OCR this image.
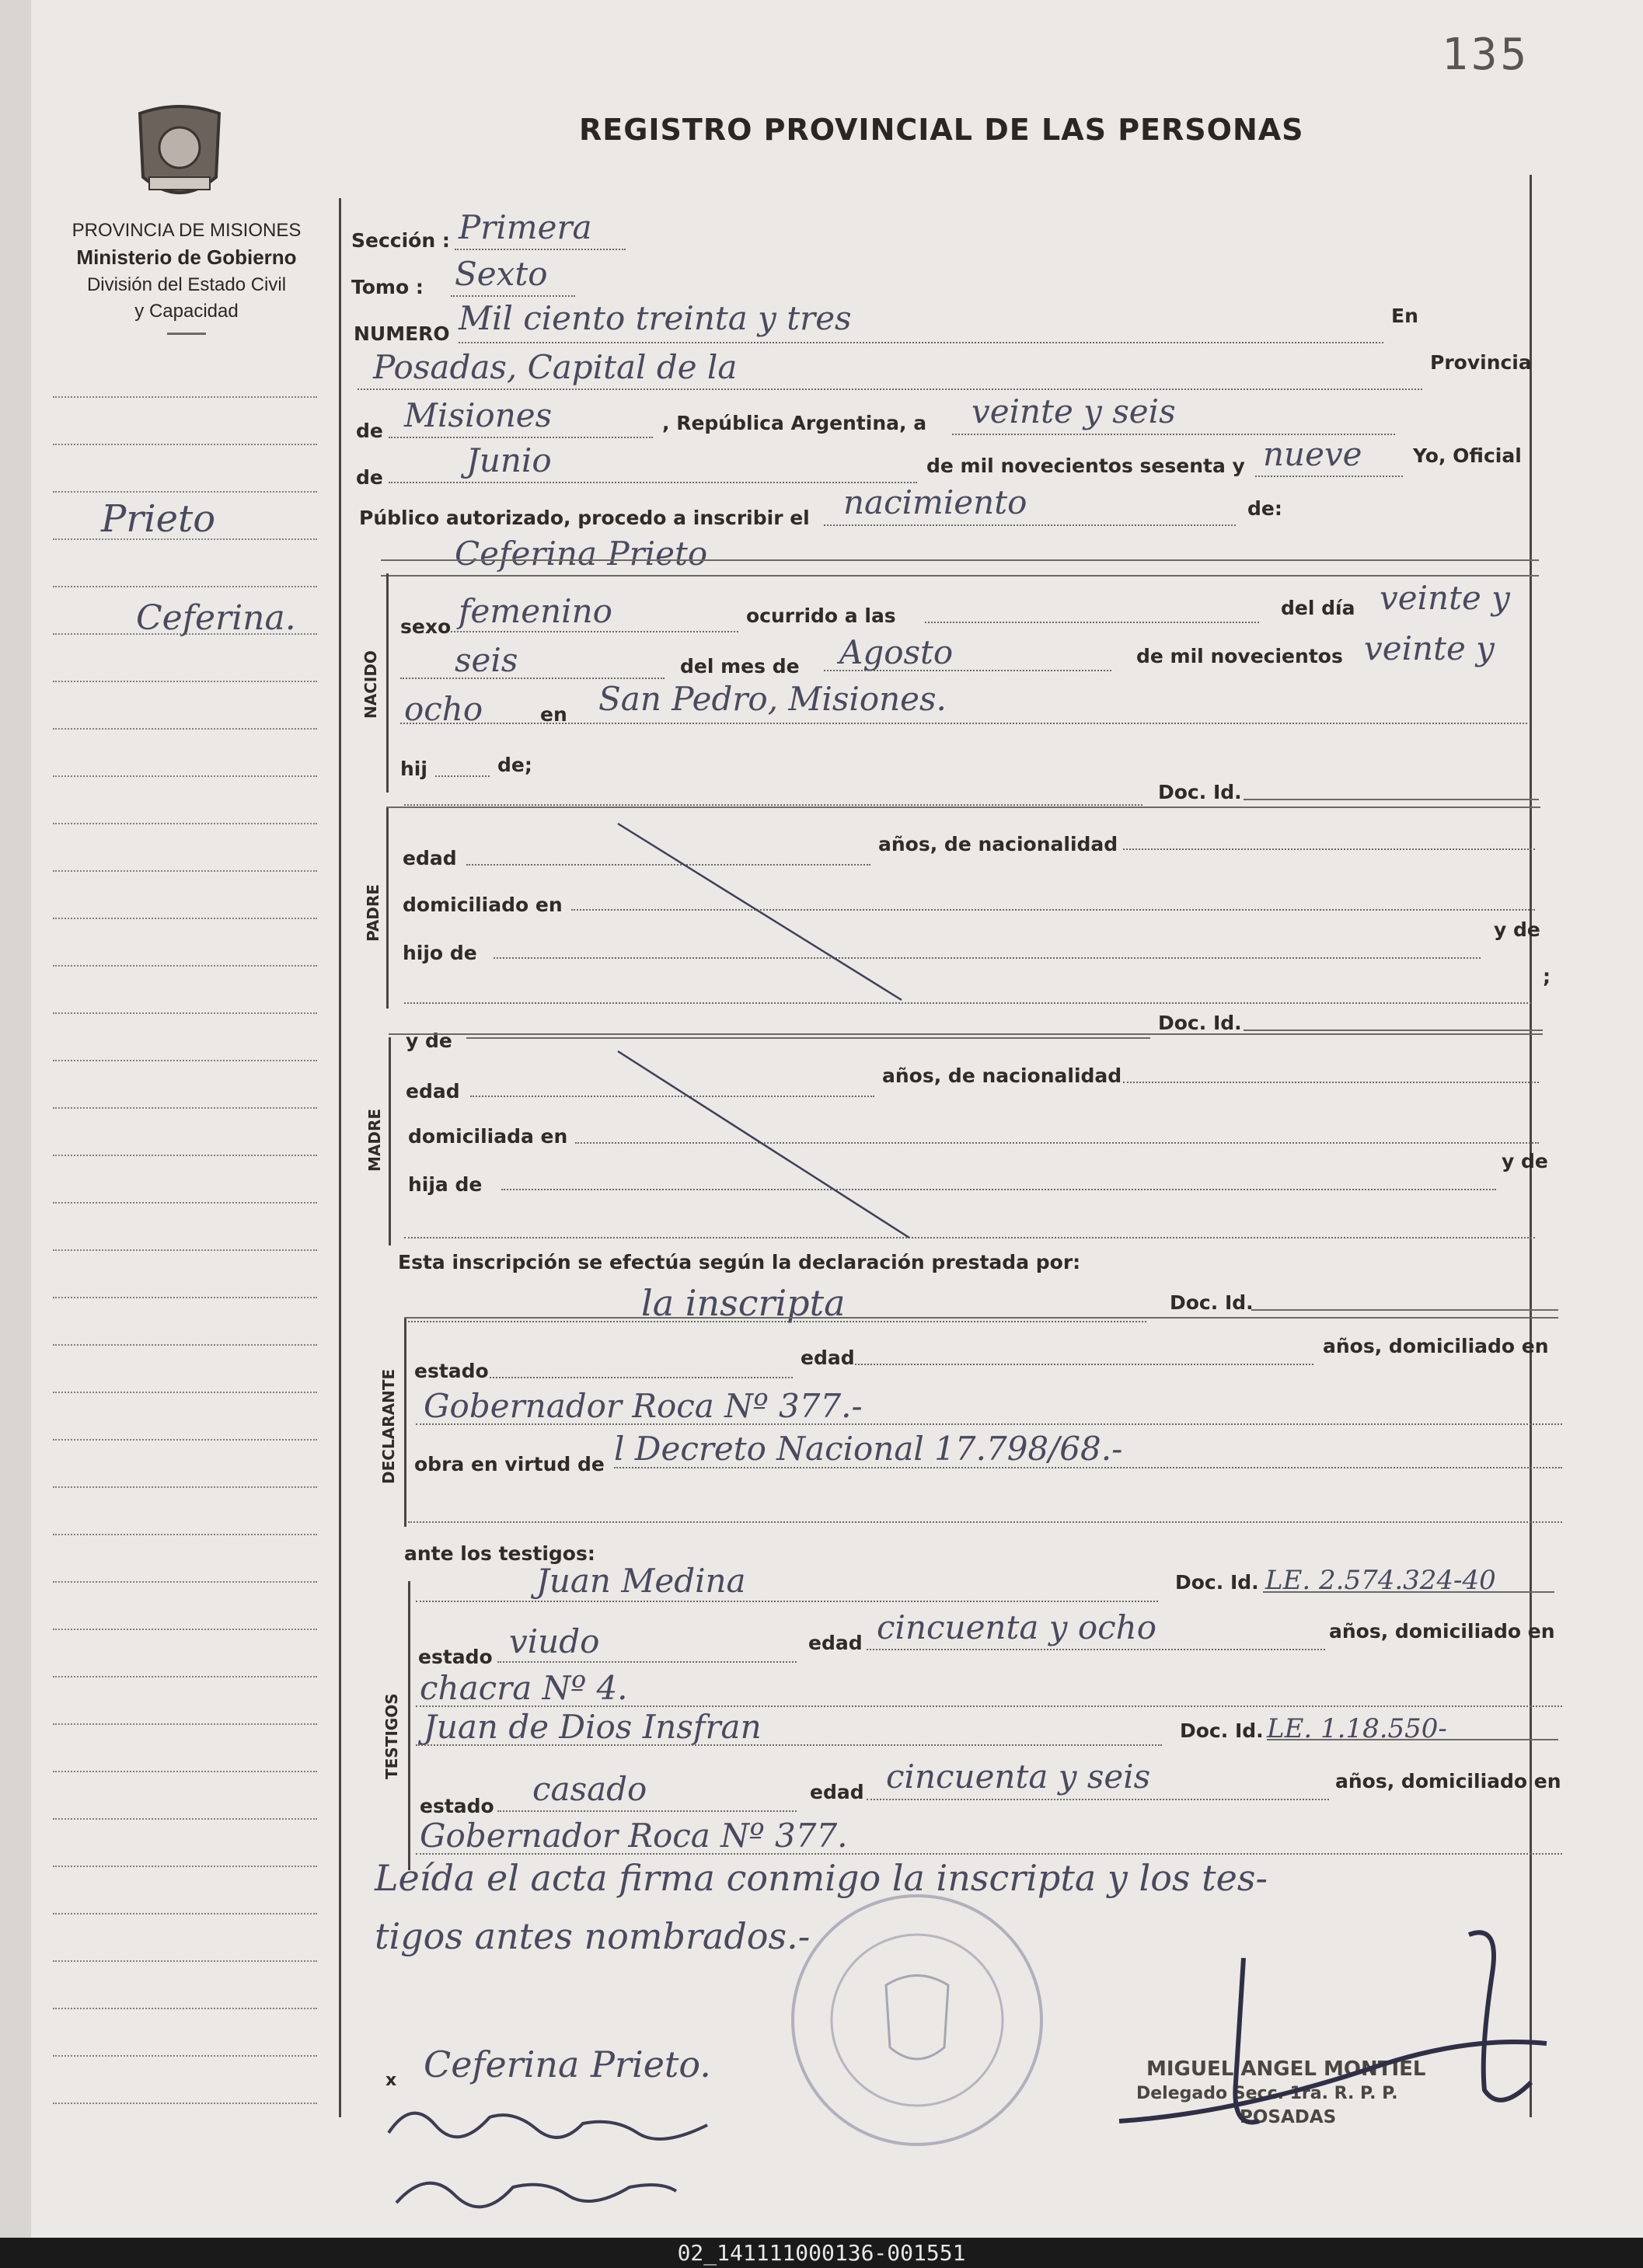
135
REGISTRO PROVINCIAL DE LAS PERSONAS
PROVINCIA DE MISIONES
Ministerio de Gobierno
División del Estado Civil
y Capacidad
Prieto
Ceferina.
Sección : Primera
Tomo : Sexto
NUMERO Mil ciento treinta y tres	En
Posadas, Capital de la	Provincia
de Misiones	, República Argentina, a veinte y seis
de	Junio	de mil novecientos sesenta y nueve	Yo, Oficial
Público autorizado, procedo a inscribir el nacimiento	de:
Ceferina Prieto
NACIDO
sexo femenino	ocurrido a las	del día veinte y
seis	del mes de Agosto	de mil novecientos veinte y
ocho	en San Pedro, Misiones.
hij	de;
Doc. Id.
PADRE
edad
años, de nacionalidad
domiciliado en
y de
hijo de
;
Doc. Id.
y de
MADRE
edad
años, de nacionalidad
domiciliada en
y de
hija de
Esta inscripción se efectúa según la declaración prestada por:
la inscripta	Doc. Id.
DECLARANTE estado
edad
años, domiciliado en
Gobernador Roca Nº 377.-
obra en virtud de l Decreto Nacional 17.798/68.-
ante los testigos:
TESTIGOS
Juan Medina	Doc. Id. LE. 2.574.324-40
estado viudo	edad cincuenta y ocho	años, domiciliado en
chacra Nº 4.
Juan de Dios Insfran	Doc. Id. LE. 1.18.550-
estado casado	edad cincuenta y seis	años, domiciliado en
Gobernador Roca Nº 377.
Leída el acta firma conmigo la inscripta y los tes-
tigos antes nombrados.-
MIGUEL ANGEL MONTIEL
Delegado Secc. 1ra. R. P. P.
POSADAS
x Ceferina Prieto.
02_141111000136-001551
